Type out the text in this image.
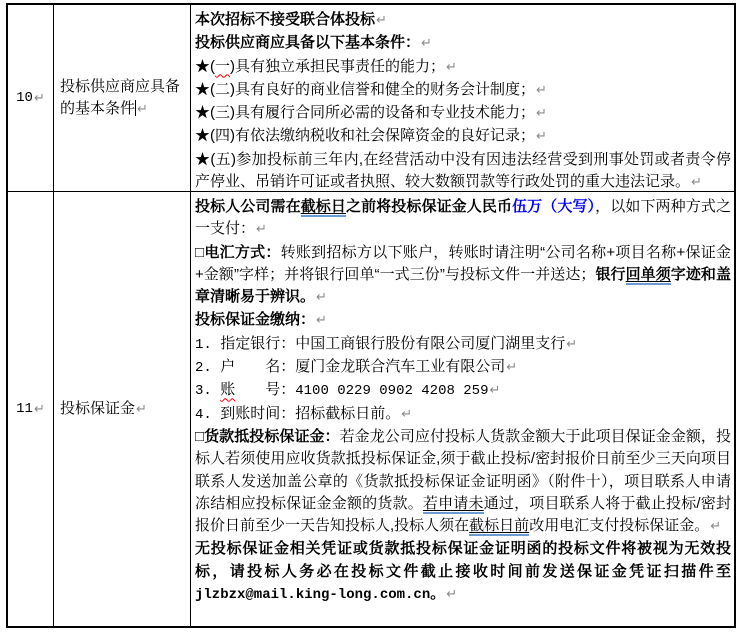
10 ↵
投标供应商应具备的基本条件 ↵

本次招标不接受联合体投标↵

投标供应商应具备以下基本条件：↵

★(一)具有独立承担民事责任的能力；↵

★(二)具有良好的商业信誉和健全的财务会计制度；↵

★(三)具有履行合同所必需的设备和专业技术能力；↵

★(四)有依法缴纳税收和社会保障资金的良好记录；↵

★(五)参加投标前三年内,在经营活动中没有因违法经营受到刑事处罚或者责令停产停业、吊销许可证或者执照、较大数额罚款等行政处罚的重大违法记录。↵

11 ↵ 投标保证金↵

投标人公司需在截标日之前将投标保证金人民币伍万（大写），以如下两种方式之一支付：↵

□电汇方式：转账到招标方以下账户，转账时请注明“公司名称+项目名称+保证金+金额”字样；并将银行回单“一式三份”与投标文件一并送达；银行回单须字迹和盖章清晰易于辨识。↵

投标保证金缴纳：↵

1. 指定银行：中国工商银行股份有限公司厦门湖里支行↵

2. 户　　名：厦门金龙联合汽车工业有限公司↵

3. 账　　号：4100 0229 0902 4208 259↵

4. 到账时间：招标截标日前。↵

□货款抵投标保证金：若金龙公司应付投标人货款金额大于此项目保证金金额，投标人若须使用应收货款抵投标保证金,须于截止投标/密封报价日前至少三天向项目联系人发送加盖公章的《货款抵投标保证金证明函》（附件十），项目联系人申请冻结相应投标保证金金额的货款。若申请未通过，项目联系人将于截止投标/密封报价日前至少一天告知投标人,投标人须在截标日前改用电汇支付投标保证金。↵

无投标保证金相关凭证或货款抵投标保证金证明函的投标文件将被视为无效投标，请投标人务必在投标文件截止接收时间前发送保证金凭证扫描件至 jlzbzx@mail.king-long.com.cn。↵
